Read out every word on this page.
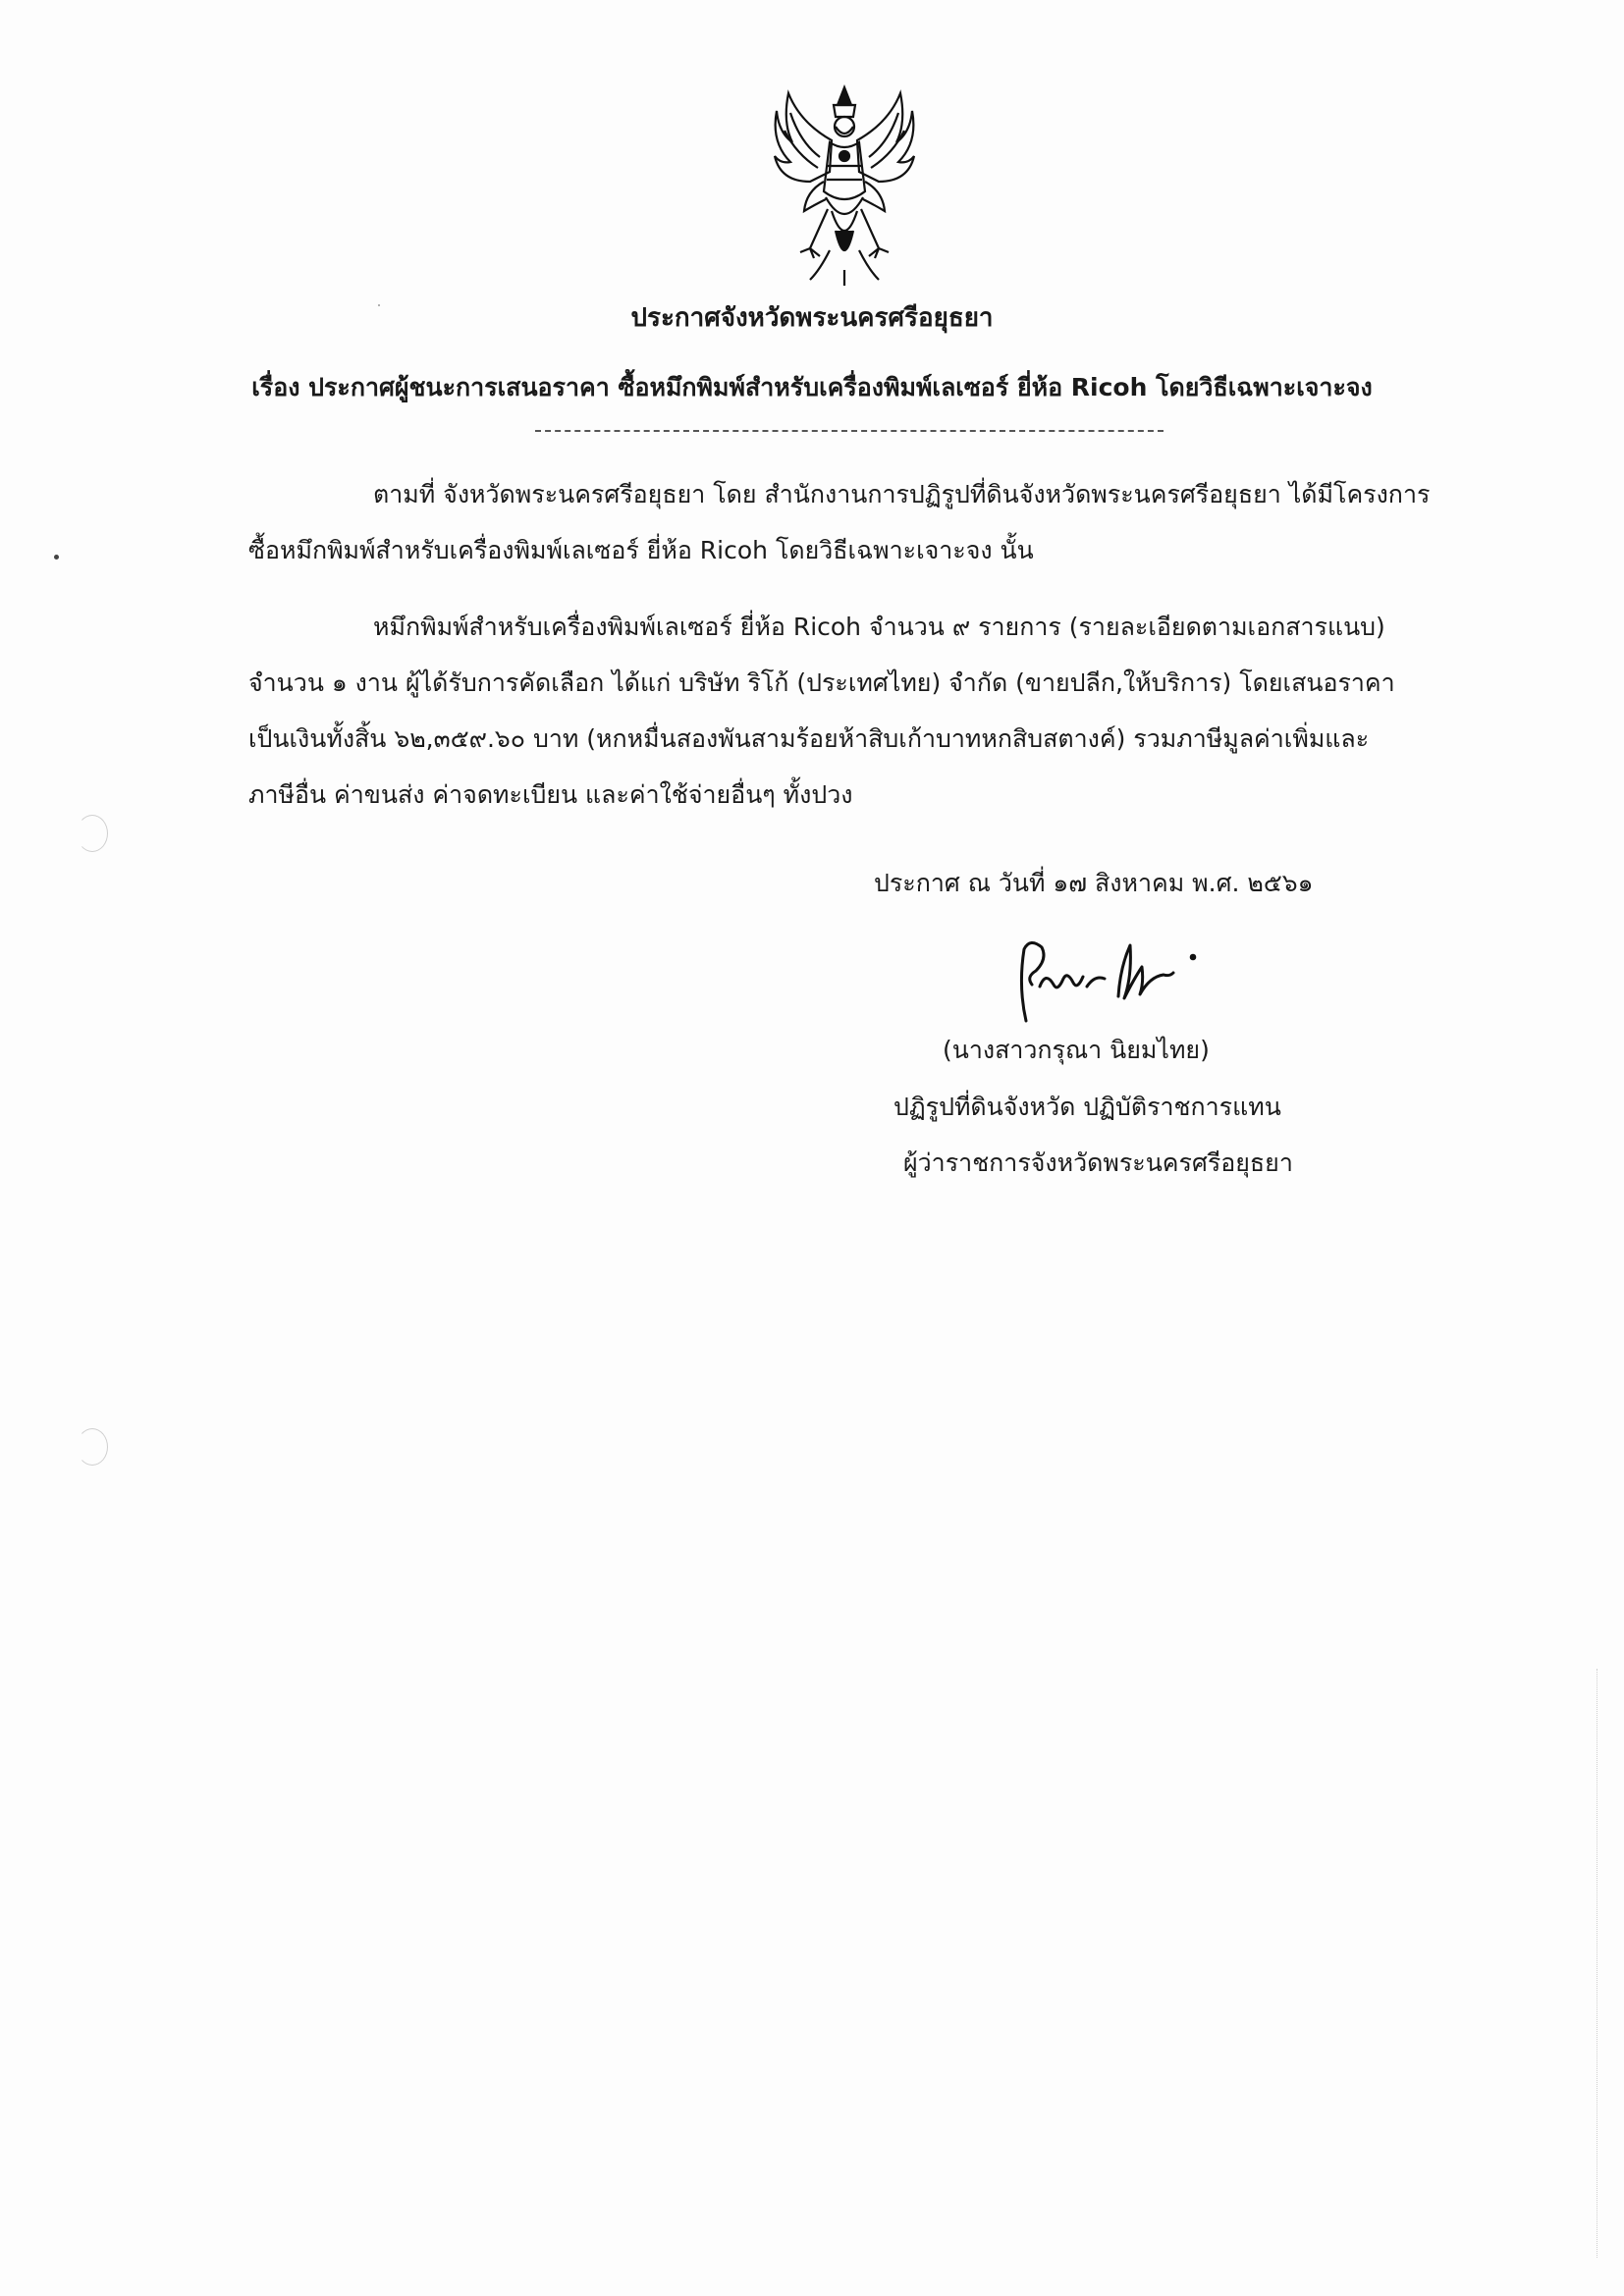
ประกาศจังหวัดพระนครศรีอยุธยา
เรื่อง ประกาศผู้ชนะการเสนอราคา ซื้อหมึกพิมพ์สำหรับเครื่องพิมพ์เลเซอร์ ยี่ห้อ Ricoh โดยวิธีเฉพาะเจาะจง
ตามที่ จังหวัดพระนครศรีอยุธยา โดย สำนักงานการปฏิรูปที่ดินจังหวัดพระนครศรีอยุธยา ได้มีโครงการ
ซื้อหมึกพิมพ์สำหรับเครื่องพิมพ์เลเซอร์ ยี่ห้อ Ricoh โดยวิธีเฉพาะเจาะจง นั้น
หมึกพิมพ์สำหรับเครื่องพิมพ์เลเซอร์ ยี่ห้อ Ricoh จำนวน ๙ รายการ (รายละเอียดตามเอกสารแนบ)
จำนวน ๑ งาน ผู้ได้รับการคัดเลือก ได้แก่ บริษัท ริโก้ (ประเทศไทย) จำกัด (ขายปลีก,ให้บริการ) โดยเสนอราคา
เป็นเงินทั้งสิ้น ๖๒,๓๕๙.๖๐ บาท (หกหมื่นสองพันสามร้อยห้าสิบเก้าบาทหกสิบสตางค์) รวมภาษีมูลค่าเพิ่มและ
ภาษีอื่น ค่าขนส่ง ค่าจดทะเบียน และค่าใช้จ่ายอื่นๆ ทั้งปวง
ประกาศ ณ วันที่ ๑๗ สิงหาคม พ.ศ. ๒๕๖๑
(นางสาวกรุณา นิยมไทย)
ปฏิรูปที่ดินจังหวัด ปฏิบัติราชการแทน
ผู้ว่าราชการจังหวัดพระนครศรีอยุธยา
